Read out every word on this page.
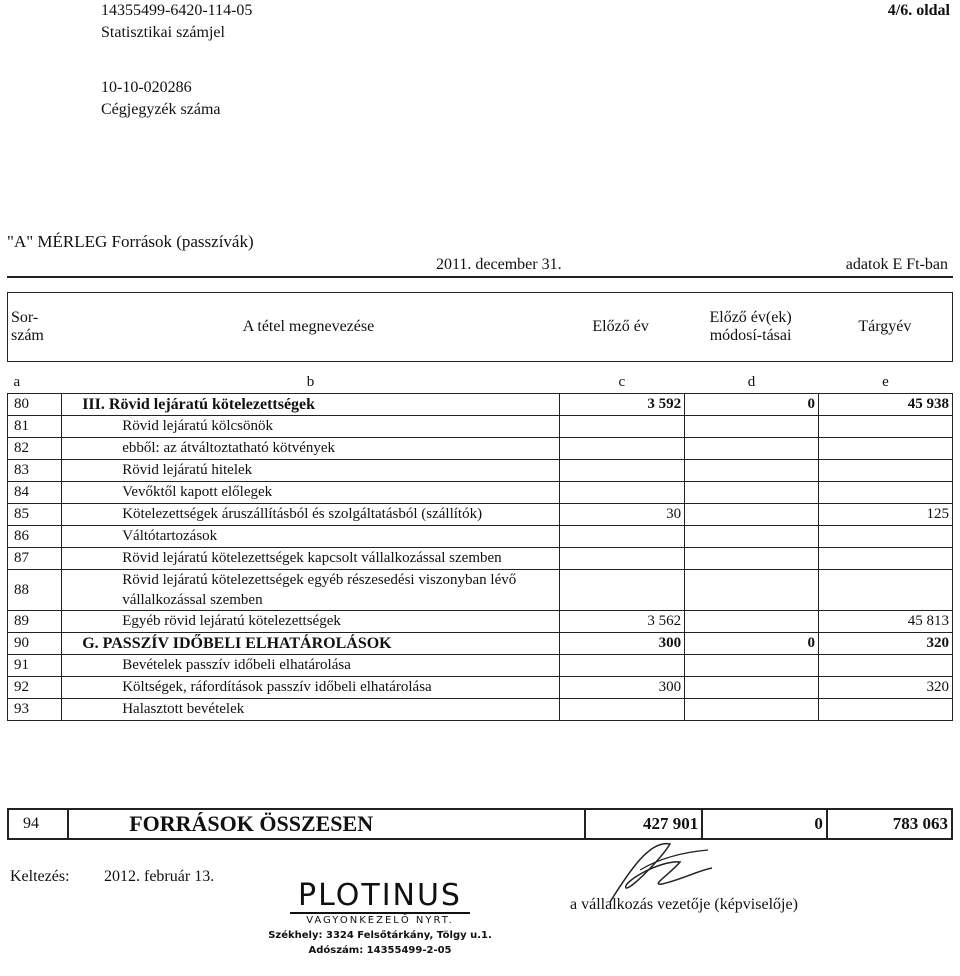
14355499-6420-114-05
Statisztikai számjel
4/6. oldal
10-10-020286
Cégjegyzék száma
"A" MÉRLEG Források (passzívák)
2011. december 31.	adatok E Ft-ban
Sor- szám	A tétel megnevezése	Előző év	Előző év(ek) módosí-tásai	Tárgyév
a	b	c	d	e
80	III. Rövid lejáratú kötelezettségek	3 592	0	45 938
81	Rövid lejáratú kölcsönök			
82	ebből: az átváltoztatható kötvények			
83	Rövid lejáratú hitelek			
84	Vevőktől kapott előlegek			
85	Kötelezettségek áruszállításból és szolgáltatásból (szállítók)	30		125
86	Váltótartozások			
87	Rövid lejáratú kötelezettségek kapcsolt vállalkozással szemben			
88	Rövid lejáratú kötelezettségek egyéb részesedési viszonyban lévő vállalkozással szemben			
89	Egyéb rövid lejáratú kötelezettségek	3 562		45 813
90	G. PASSZÍV IDŐBELI ELHATÁROLÁSOK	300	0	320
91	Bevételek passzív időbeli elhatárolása			
92	Költségek, ráfordítások passzív időbeli elhatárolása	300		320
93	Halasztott bevételek			
94	FORRÁSOK ÖSSZESEN	427 901	0	783 063
Keltezés: 2012. február 13.
PLOTINUS
VAGYONKEZELŐ NYRT.
Székhely: 3324 Felsőtárkány, Tölgy u.1.
Adószám: 14355499-2-05
a vállalkozás vezetője (képviselője)
